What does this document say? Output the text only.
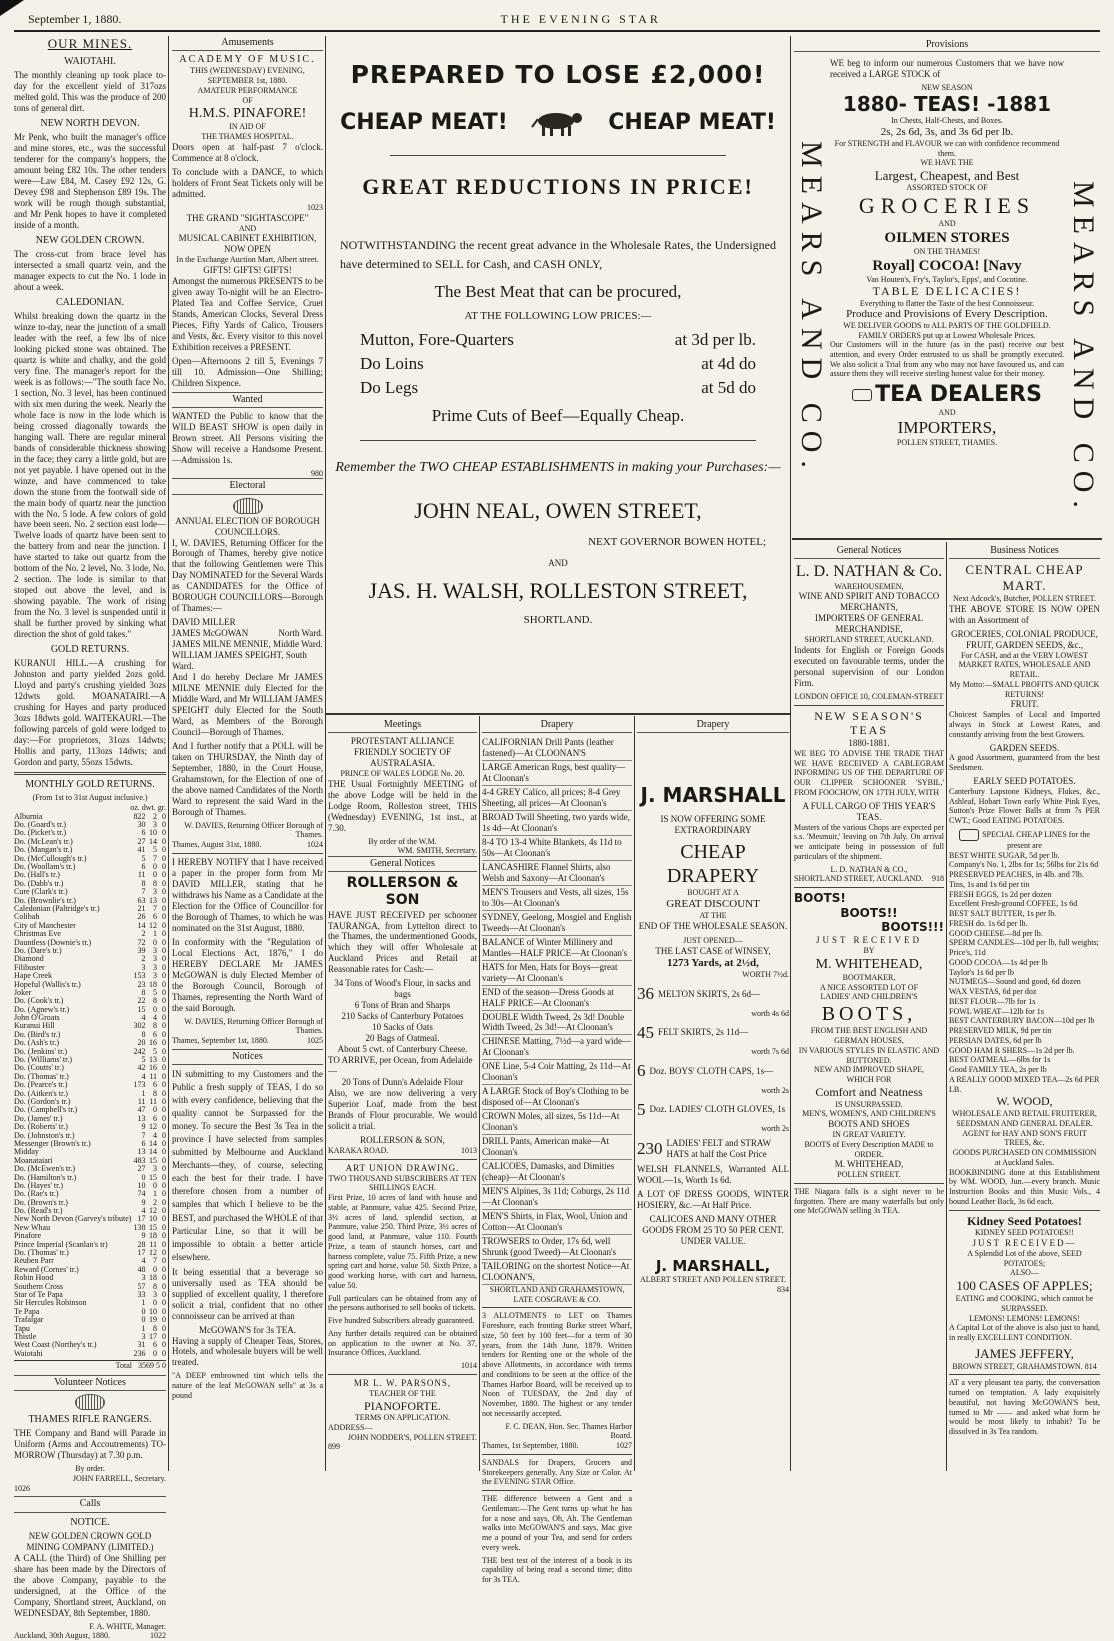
September 1, 1880.	THE EVENING STAR
OUR MINES.
WAIOTAHI.

The monthly cleaning up took place to-day for the excellent yield of 317ozs melted gold. This was the produce of 200 tons of general dirt.

NEW NORTH DEVON.

Mr Penk, who built the manager's office and mine stores, etc., was the successful tenderer for the company's hoppers, the amount being £82 10s. The other tenders were—Law £84, M. Casey £92 12s, G. Devey £98 and Stephenson £89 19s. The work will be rough though substantial, and Mr Penk hopes to have it completed inside of a month.

NEW GOLDEN CROWN.

The cross-cut from brace level has intersected a small quartz vein, and the manager expects to cut the No. 1 lode in about a week.

CALEDONIAN.

Whilst breaking down the quartz in the winze to-day, near the junction of a small leader with the reef, a few lbs of nice looking picked stone was obtained. The quartz is white and chalky, and the gold very fine. The manager's report for the week is as follows:—"The south face No. 1 section, No. 3 level, has been continued with six men during the week. Nearly the whole face is now in the lode which is being crossed diagonally towards the hanging wall. There are regular mineral bands of considerable thickness showing in the face; they carry a little gold, but are not yet payable. I have opened out in the winze, and have commenced to take down the stone from the footwall side of the main body of quartz near the junction with the No. 5 lode. A few colors of gold have been seen. No. 2 section east lode—Twelve loads of quartz have been sent to the battery from and near the junction. I have started to take out quartz from the bottom of the No. 2 level, No. 3 lode, No. 2 section. The lode is similar to that stoped out above the level, and is showing payable. The work of rising from the No. 3 level is suspended until it shall be further proved by sinking what direction the shot of gold takes."

GOLD RETURNS.

KURANUI HILL.—A crushing for Johnston and party yielded 2ozs gold. Lloyd and party's crushing yielded 3ozs 12dwts gold. MOANATAIRI.—A crushing for Hayes and party produced 3ozs 18dwts gold. WAITEKAURI.—The following parcels of gold were lodged to day:—For proprietors, 31ozs 14dwts; Hollis and party, 113ozs 14dwts; and Gordon and party, 55ozs 15dwts.

MONTHLY GOLD RETURNS.
(From 1st to 31st August inclusive.)
oz. dwt. gr.
Alburnia	822	2	0
Do. (Goard's tr.)	30	3	0
Do. (Picket's tr.)	6	10	0
Do. (McLean's tr.)	27	14	0
Do. (Mangan's tr.)	41	5	0
Do. (McCullough's tr.)	5	7	0
Do. (Woollam's tr.)	6	0	0
Do. (Hall's tr.)	11	0	0
Do. (Dabb's tr.)	8	8	0
Cure (Clark's tr.)	7	3	0
Do. (Brownlie's tr.)	63	13	0
Caledonian (Paltridge's tr.)	21	7	0
Colibah	26	6	0
City of Manchester	14	12	0
Christmas Eve	2	1	0
Dauntless (Downie's tr.)	72	0	0
Do. (Dare's tr.)	39	3	0
Diamond	2	3	0
Filibuster	3	3	0
Hape Creek	153	3	0
Hopeful (Wallis's tr.)	23	18	0
Joker	8	5	0
Do. (Cook's tr.)	22	8	0
Do. (Agnew's tr.)	15	0	0
John O'Groats	4	4	0
Kuranui Hill	302	8	0
Do. (Bird's tr.)	8	6	0
Do. (Ash's tr.)	20	16	0
Do. (Jenkins' tr.)	242	5	0
Do. (Williams' tr.)	5	13	0
Do. (Coutts' tr.)	42	16	0
Do. (Thomas' tr.)	4	11	0
Do. (Pearce's tr.)	173	6	0
Do. (Aitken's tr.)	1	8	0
Do. (Gordon's tr.)	11	11	0
Do. (Campbell's tr.)	47	0	0
Do. (James' tr.)	13	6	0
Do. (Roberts' tr.)	9	12	0
Do. (Johnston's tr.)	7	4	0
Messenger (Brown's tr.)	6	14	0
Midday	13	14	0
Moanataiari	483	15	0
Do. (McEwen's tr.)	27	3	0
Do. (Hamilton's tr.)	0	15	0
Do. (Hayes' tr.)	10	0	0
Do. (Rae's tr.)	74	1	0
Do. (Brown's tr.)	9	2	0
Do. (Read's tr.)	4	12	0
New North Devon (Garvey's tribute)	17	10	0
New Whau	138	15	0
Pinafore	9	18	0
Prince Imperial (Scanlan's tr)	28	11	0
Do. (Thomas' tr.)	17	12	0
Reuben Parr	4	7	0
Reward (Cornes' tr.)	48	0	0
Robin Hood	3	18	0
Southern Cross	57	8	0
Star of Te Papa	33	3	0
Sir Hercules Robinson	1	0	0
Te Papa	0	10	0
Trafalgar	0	19	0
Tapu	1	8	0
Thistle	3	17	0
West Coast (Northey's tr.)	31	6	0
Waiotahi	236	0	0
Total 3569 5 0
Volunteer Notices
THAMES RIFLE RANGERS.

THE Company and Band will Parade in Uniform (Arms and Accoutrements) TO-MORROW (Thursday) at 7.30 p.m.

By order.
JOHN FARRELL, Secretary.
1026
Calls
NOTICE.
NEW GOLDEN CROWN GOLD MINING COMPANY (LIMITED.)

A CALL (the Third) of One Shilling per share has been made by the Directors of the above Company, payable to the undersigned, at the Office of the Company, Shortland street, Auckland, on WEDNESDAY, 8th September, 1880.

F. A. WHITE, Manager.
Auckland, 30th August, 1880.	1022
Amusements
ACADEMY OF MUSIC.
THIS (WEDNESDAY) EVENING, SEPTEMBER 1st, 1880.
AMATEUR PERFORMANCE
OF
H.M.S. PINAFORE!
IN AID OF
THE THAMES HOSPITAL.

Doors open at half-past 7 o'clock. Commence at 8 o'clock.

To conclude with a DANCE, to which holders of Front Seat Tickets only will be admitted.

1023
THE GRAND "SIGHTASCOPE"
AND
MUSICAL CABINET EXHIBITION,
NOW OPEN
In the Exchange Auction Mart, Albert street.
GIFTS! GIFTS! GIFTS!

Amongst the numerous PRESENTS to be given away To-night will be an Electro-Plated Tea and Coffee Service, Cruet Stands, American Clocks, Several Dress Pieces, Fifty Yards of Calico, Trousers and Vests, &c. Every visitor to this novel Exhibition receives a PRESENT.

Open—Afternoons 2 till 5, Evenings 7 till 10. Admission—One Shilling; Children Sixpence.

Wanted

WANTED the Public to know that the WILD BEAST SHOW is open daily in Brown street. All Persons visiting the Show will receive a Handsome Present.—Admission 1s.

980
Electoral
ANNUAL ELECTION OF BOROUGH COUNCILLORS.

I, W. DAVIES, Returning Officer for the Borough of Thames, hereby give notice that the following Gentlemen were This Day NOMINATED for the Several Wards as CANDIDATES for the Office of BOROUGH COUNCILLORS—Borough of Thames:—

DAVID MILLER
JAMES McGOWAN	North Ward.
JAMES MILNE MENNIE, Middle Ward.
WILLIAM JAMES SPEIGHT, South Ward.

And I do hereby Declare Mr JAMES MILNE MENNIE duly Elected for the Middle Ward, and Mr WILLIAM JAMES SPEIGHT duly Elected for the South Ward, as Members of the Borough Council—Borough of Thames.

And I further notify that a POLL will be taken on THURSDAY, the Ninth day of September, 1880, in the Court House, Grahamstown, for the Election of one of the above named Candidates of the North Ward to represent the said Ward in the Borough of Thames.

W. DAVIES, Returning Officer Borough of Thames.
Thames, August 31st, 1880.	1024

I HEREBY NOTIFY that I have received a paper in the proper form from Mr DAVID MILLER, stating that he withdraws his Name as a Candidate at the Election for the Office of Councillor for the Borough of Thames, to which he was nominated on the 31st August, 1880.

In conformity with the "Regulation of Local Elections Act, 1876," I do HEREBY DECLARE Mr JAMES McGOWAN is duly Elected Member of the Borough Council, Borough of Thames, representing the North Ward of the said Borough.

W. DAVIES, Returning Officer Borough of Thames.
Thames, September 1st, 1880.	1025
Notices

IN submitting to my Customers and the Public a fresh supply of TEAS, I do so with every confidence, believing that the quality cannot be Surpassed for the money. To secure the Best 3s Tea in the province I have selected from samples submitted by Melbourne and Auckland Merchants—they, of course, selecting each the best for their trade. I have therefore chosen from a number of samples that which I believe to be the BEST, and purchased the WHOLE of that Particular Line, so that it will be impossible to obtain a better article elsewhere.

It being essential that a beverage so universally used as TEA should be supplied of excellent quality, I therefore solicit a trial, confident that no other connoisseur can be arrived at than

McGOWAN'S for 3s TEA.

Having a supply of Cheaper Teas, Stores, Hotels, and wholesale buyers will be well treated.

"A DEEP embrowned tint which tells the nature of the leaf McGOWAN sells" at 3s a pound

PREPARED TO LOSE £2,000!
CHEAP MEAT!	CHEAP MEAT!
GREAT REDUCTIONS IN PRICE!

NOTWITHSTANDING the recent great advance in the Wholesale Rates, the Undersigned have determined to SELL for Cash, and CASH ONLY,

The Best Meat that can be procured,
AT THE FOLLOWING LOW PRICES:—
Mutton, Fore-Quarters	at 3d per lb.
Do Loins	at 4d do
Do Legs	at 5d do
Prime Cuts of Beef—Equally Cheap.
Remember the TWO CHEAP ESTABLISHMENTS in making your Purchases:—
JOHN NEAL, OWEN STREET,
NEXT GOVERNOR BOWEN HOTEL;
AND
JAS. H. WALSH, ROLLESTON STREET,
SHORTLAND.
Meetings
PROTESTANT ALLIANCE FRIENDLY SOCIETY OF AUSTRALASIA.
PRINCE OF WALES LODGE No. 20.

THE Usual Fortnightly MEETING of the above Lodge will be held in the Lodge Room, Rolleston street, THIS (Wednesday) EVENING, 1st inst., at 7.30.

By order of the W.M.
WM. SMITH, Secretary.
General Notices
ROLLERSON & SON

HAVE JUST RECEIVED per schooner TAURANGA, from Lyttelton direct to the Thames, the undermentioned Goods, which they will offer Wholesale at Auckland Prices and Retail at Reasonable rates for Cash:—

34 Tons of Wood's Flour, in sacks and bags
6 Tons of Bran and Sharps
210 Sacks of Canterbury Potatoes
10 Sacks of Oats
20 Bags of Oatmeal.
About 5 cwt. of Canterbury Cheese.
TO ARRIVE, per Ocean, from Adelaide—
20 Tons of Dunn's Adelaide Flour

Also, we are now delivering a very Superior Loaf, made from the best Brands of Flour procurable. We would solicit a trial.

ROLLERSON & SON,
KARAKA ROAD.	1013
ART UNION DRAWING.
TWO THOUSAND SUBSCRIBERS AT TEN SHILLINGS EACH.

First Prize, 10 acres of land with house and stable, at Panmure, value 425. Second Prize, 3½ acres of land, splendid section, at Panmure, value 250. Third Prize, 3½ acres of good land, at Panmure, value 110. Fourth Prize, a team of staunch horses, cart and harness complete, value 75. Fifth Prize, a new spring cart and horse, value 50. Sixth Prize, a good working horse, with cart and harness, value 50.

Full particulars can be obtained from any of the persons authorised to sell books of tickets.

Five hundred Subscribers already guaranteed.

Any further details required can be obtained on application to the owner at No. 37, Insurance Offices, Auckland.

1014
MR L. W. PARSONS,
TEACHER OF THE
PIANOFORTE.
TERMS ON APPLICATION.
ADDRESS—
JOHN NODDER'S, POLLEN STREET.
899
Drapery
CALIFORNIAN Drill Pants (leather fastened)—At CLOONAN'S
LARGE American Rugs, best quality—At Cloonan's
4-4 GREY Calico, all prices; 8-4 Grey Sheeting, all prices—At Cloonan's
BROAD Twill Sheeting, two yards wide, 1s 4d—At Cloonan's
8-4 TO 13-4 White Blankets, 4s 11d to 50s—At Cloonan's
LANCASHIRE Flannel Shirts, also Welsh and Saxony—At Cloonan's
MEN'S Trousers and Vests, all sizes, 15s to 30s—At Cloonan's
SYDNEY, Geelong, Mosgiel and English Tweeds—At Cloonan's
BALANCE of Winter Millinery and Mantles—HALF PRICE—At Cloonan's
HATS for Men, Hats for Boys—great variety—At Cloonan's
END of the season—Dress Goods at HALF PRICE—At Cloonan's
DOUBLE Width Tweed, 2s 3d! Double Width Tweed, 2s 3d!—At Cloonan's
CHINESE Matting, 7½d—a yard wide—At Cloonan's
ONE Line, 5-4 Coir Matting, 2s 11d—At Cloonan's
A LARGE Stock of Boy's Clothing to be disposed of—At Cloonan's
CROWN Moles, all sizes, 5s 11d—At Cloonan's
DRILL Pants, American make—At Cloonan's
CALICOES, Damasks, and Dimities (cheap)—At Cloonan's
MEN'S Alpines, 3s 11d; Coburgs, 2s 11d—At Cloonan's
MEN'S Shirts, in Flax, Wool, Union and Cotton—At Cloonan's
TROWSERS to Order, 17s 6d, well Shrunk (good Tweed)—At Cloonan's
TAILORING on the shortest Notice—At CLOONAN'S,
SHORTLAND AND GRAHAMSTOWN,
LATE COSGRAVE & CO.

3 ALLOTMENTS to LET on Thames Foreshore, each fronting Burke street Wharf, size, 50 feet by 100 feet—for a term of 30 years, from the 14th June, 1879. Written tenders for Renting one or the whole of the above Allotments, in accordance with terms and conditions to be seen at the office of the Thames Harbor Board, will be received up to Noon of TUESDAY, the 2nd day of November, 1880. The highest or any tender not necessarily accepted.

F. C. DEAN, Hon. Sec. Thames Harbor Board.
Thames, 1st September, 1880.	1027

SANDALS for Drapers, Grocers and Storekeepers generally. Any Size or Color. At the EVENING STAR Office.

THE difference between a Gent and a Gentleman:—The Gent turns up what he has for a nose and says, Oh, Ah. The Gentleman walks into McGOWAN'S and says, Mac give me a pound of your Tea, and send for orders every week.

THE best test of the interest of a book is its capability of being read a second time; ditto for 3s TEA.

Drapery
J. MARSHALL
IS NOW OFFERING SOME EXTRAORDINARY
CHEAP DRAPERY
BOUGHT AT A
GREAT DISCOUNT
AT THE
END OF THE WHOLESALE SEASON.
JUST OPENED—
THE LAST CASE of WINSEY,
1273 Yards, at 2½d,
WORTH 7½d.
36 MELTON SKIRTS, 2s 6d—
worth 4s 6d
45 FELT SKIRTS, 2s 11d—
worth 7s 6d
6 Doz. BOYS' CLOTH CAPS, 1s—
worth 2s
5 Doz. LADIES' CLOTH GLOVES, 1s
worth 2s
230 LADIES' FELT and STRAW HATS at half the Cost Price

WELSH FLANNELS, Warranted ALL WOOL—1s, Worth 1s 6d.

A LOT OF DRESS GOODS, WINTER HOSIERY, &c.—At Half Price.

CALICOES AND MANY OTHER GOODS FROM 25 TO 50 PER CENT. UNDER VALUE.
J. MARSHALL,
ALBERT STREET AND POLLEN STREET.
834
Provisions
MEARS AND CO.	MEARS AND CO.

WE beg to inform our numerous Customers that we have now received a LARGE STOCK of

NEW SEASON
1880- TEAS! -1881
In Chests, Half-Chests, and Boxes.
2s, 2s 6d, 3s, and 3s 6d per lb.
For STRENGTH and FLAVOUR we can with confidence recommend them.
WE HAVE THE
Largest, Cheapest, and Best
ASSORTED STOCK OF
GROCERIES
AND
OILMEN STORES
ON THE THAMES!
Royal] COCOA! [Navy
Van Houten's, Fry's, Taylor's, Epps', and Cocotine.
TABLE DELICACIES!
Everything to flatter the Taste of the best Connoisseur.
Produce and Provisions of Every Description.
WE DELIVER GOODS to ALL PARTS OF THE GOLDFIELD.
FAMILY ORDERS put up at Lowest Wholesale Prices.

Our Customers will in the future (as in the past) receive our best attention, and every Order entrusted to us shall be promptly executed. We also solicit a Trial from any who may not have favoured us, and can assure them they will receive sterling honest value for their money.

TEA DEALERS
AND
IMPORTERS,
POLLEN STREET, THAMES.
General Notices
L. D. NATHAN & Co.
WAREHOUSEMEN,
WINE AND SPIRIT AND TOBACCO MERCHANTS,
IMPORTERS OF GENERAL MERCHANDISE,
SHORTLAND STREET, AUCKLAND.

Indents for English or Foreign Goods executed on favourable terms, under the personal supervision of our London Firm.

LONDON OFFICE 10, COLEMAN-STREET
NEW SEASON'S TEAS
1880-1881.

WE BEG TO ADVISE THE TRADE THAT WE HAVE RECEIVED A CABLEGRAM INFORMING US OF THE DEPARTURE OF OUR CLIPPER SCHOONER 'SYBIL,' FROM FOOCHOW, ON 17TH JULY, WITH

A FULL CARGO OF THIS YEAR'S TEAS.

Musters of the various Chops are expected per s.s. 'Mesmuir,' leaving on 7th July. On arrival we anticipate being in possession of full particulars of the shipment.

L. D. NATHAN & CO.,
SHORTLAND STREET, AUCKLAND. 918
BOOTS!
BOOTS!!
BOOTS!!!
JUST RECEIVED
BY
M. WHITEHEAD,
BOOTMAKER,
A NICE ASSORTED LOT OF
LADIES' AND CHILDREN'S
BOOTS,
FROM THE BEST ENGLISH AND GERMAN HOUSES,
IN VARIOUS STYLES IN ELASTIC AND BUTTONED.
NEW AND IMPROVED SHAPE,
WHICH FOR
Comfort and Neatness
IS UNSURPASSED.
MEN'S, WOMEN'S, AND CHILDREN'S
BOOTS AND SHOES
IN GREAT VARIETY.
BOOTS of Every Description MADE to ORDER.
M. WHITEHEAD,
POLLEN STREET.

THE Niagara falls is a sight never to be forgotten. There are many waterfalls but only one McGOWAN selling 3s TEA.

Business Notices
CENTRAL CHEAP MART.
Next Adcock's, Butcher, POLLEN STREET.

THE ABOVE STORE IS NOW OPEN with an Assortment of

GROCERIES, COLONIAL PRODUCE, FRUIT, GARDEN SEEDS, &c.,
For CASH, and at the VERY LOWEST MARKET RATES, WHOLESALE AND RETAIL.
My Motto:—SMALL PROFITS AND QUICK RETURNS!
FRUIT.

Choicest Samples of Local and Imported always in Stock at Lowest Rates, and constantly arriving from the best Growers.

GARDEN SEEDS.

A good Assortment, guaranteed from the best Seedsmen.

EARLY SEED POTATOES.

Canterbury Lapstone Kidneys, Flukes, &c., Ashleaf, Hobart Town early White Pink Eyes, Sutton's Prize Flower Balls at from 7s PER CWT.; Good EATING POTATOES.

SPECIAL CHEAP LINES for the present are
BEST WHITE SUGAR, 5d per lb.
Company's No. 1, 2lbs for 1s; 56lbs for 21s 6d
PRESERVED PEACHES, in 4lb. and 7lb. Tins, 1s and 1s 6d per tin
FRESH EGGS, 1s 2d per dozen
Excellent Fresh-ground COFFEE, 1s 6d
BEST SALT BUTTER, 1s per lb.
FRESH do. 1s 6d per lb.
GOOD CHEESE—8d per lb.
SPERM CANDLES—10d per lb, full weights; Price's, 11d
GOOD COCOA—1s 4d per lb
Taylor's 1s 6d per lb
NUTMEGS—Sound and good, 6d dozen
WAX VESTAS, 6d per doz
BEST FLOUR—7lb for 1s
FOWL WHEAT—12lb for 1s
BEST CANTERBURY BACON—10d per lb
PRESERVED MILK, 9d per tin
PERSIAN DATES, 6d per lb
GOOD HAM R SHERS—1s 2d per lb.
BEST OATMEAL—6lbs for 1s
Good FAMILY TEA, 2s per lb
A REALLY GOOD MIXED TEA—2s 6d PER LB.
W. WOOD,
WHOLESALE AND RETAIL FRUITERER, SEEDSMAN AND GENERAL DEALER.
AGENT for HAY AND SON'S FRUIT TREES, &c.
GOODS PURCHASED ON COMMISSION at Auckland Sales.

BOOKBINDING done at this Establishment by WM. WOOD, Jun.—every branch. Music Instruction Books and thin Music Vols., 4 bound Leather Back, 3s 6d each.

Kidney Seed Potatoes!
KIDNEY SEED POTATOES!!
JUST RECEIVED—
A Splendid Lot of the above, SEED POTATOES;
ALSO—
100 CASES OF APPLES;
EATING and COOKING, which cannot be SURPASSED.
LEMONS! LEMONS! LEMONS!

A Capital Lot of the above is also just to hand, in really EXCELLENT CONDITION.

JAMES JEFFERY,
BROWN STREET, GRAHAMSTOWN. 814

AT a very pleasant tea party, the conversation turned on temptation. A lady exquisitely beautiful, not having McGOWAN'S best, turned to Mr —— and asked what form he would be most likely to inhabit? To be dissolved in 3s Tea random.
